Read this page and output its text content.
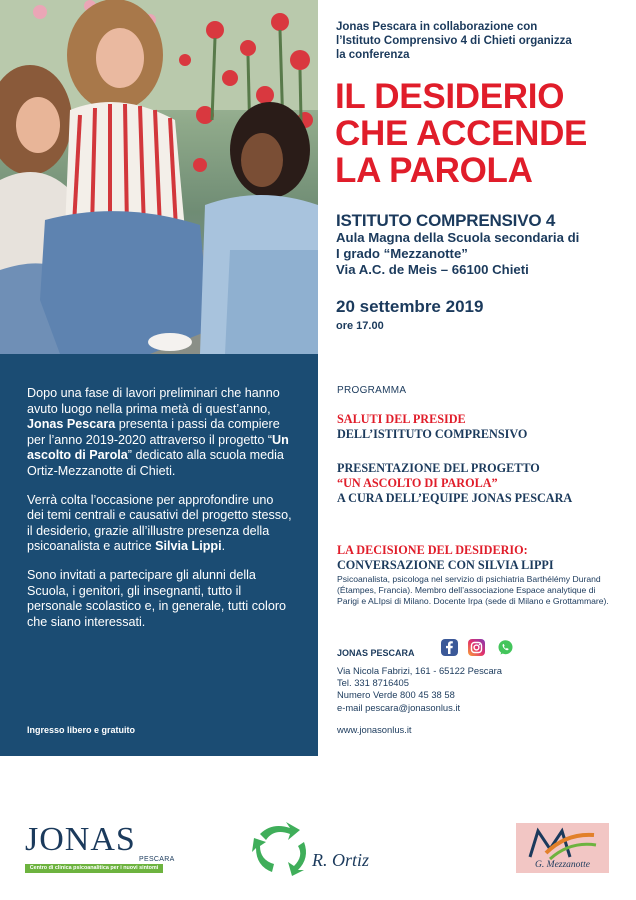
Dopo una fase di lavori preliminari che hanno avuto luogo nella prima metà di quest’anno, Jonas Pescara presenta i passi da compiere per l’anno 2019-2020 attraverso il progetto “Un ascolto di Parola” dedicato alla scuola media Ortiz-Mezzanotte di Chieti.

Verrà colta l’occasione per approfondire uno dei temi centrali e causativi del progetto stesso, il desiderio, grazie all’illustre presenza della psicoanalista e autrice Silvia Lippi.

Sono invitati a partecipare gli alunni della Scuola, i genitori, gli insegnanti, tutto il personale scolastico e, in generale, tutti coloro che siano interessati.

Ingresso libero e gratuito
Jonas Pescara in collaborazione con
l’Istituto Comprensivo 4 di Chieti organizza
la conferenza
IL DESIDERIO
CHE ACCENDE
LA PAROLA
ISTITUTO COMPRENSIVO 4
Aula Magna della Scuola secondaria di
I grado “Mezzanotte”
Via A.C. de Meis – 66100 Chieti
20 settembre 2019
ore 17.00
PROGRAMMA
SALUTI DEL PRESIDE
DELL’ISTITUTO COMPRENSIVO
PRESENTAZIONE DEL PROGETTO
“UN ASCOLTO DI PAROLA”
A CURA DELL’EQUIPE JONAS PESCARA
LA DECISIONE DEL DESIDERIO:
CONVERSAZIONE CON SILVIA LIPPI
Psicoanalista, psicologa nel servizio di psichiatria Barthélémy Durand (Étampes, Francia). Membro dell’associazione Espace analytique di Parigi e ALIpsi di Milano. Docente Irpa (sede di Milano e Grottammare).
JONAS PESCARA
Via Nicola Fabrizi, 161 - 65122 Pescara
Tel. 331 8716405
Numero Verde 800 45 38 58
e-mail pescara@jonasonlus.it
www.jonasonlus.it
JONAS
PESCARA
Centro di clinica psicoanalitica per i nuovi sintomi	R. Ortiz	G. Mezzanotte
